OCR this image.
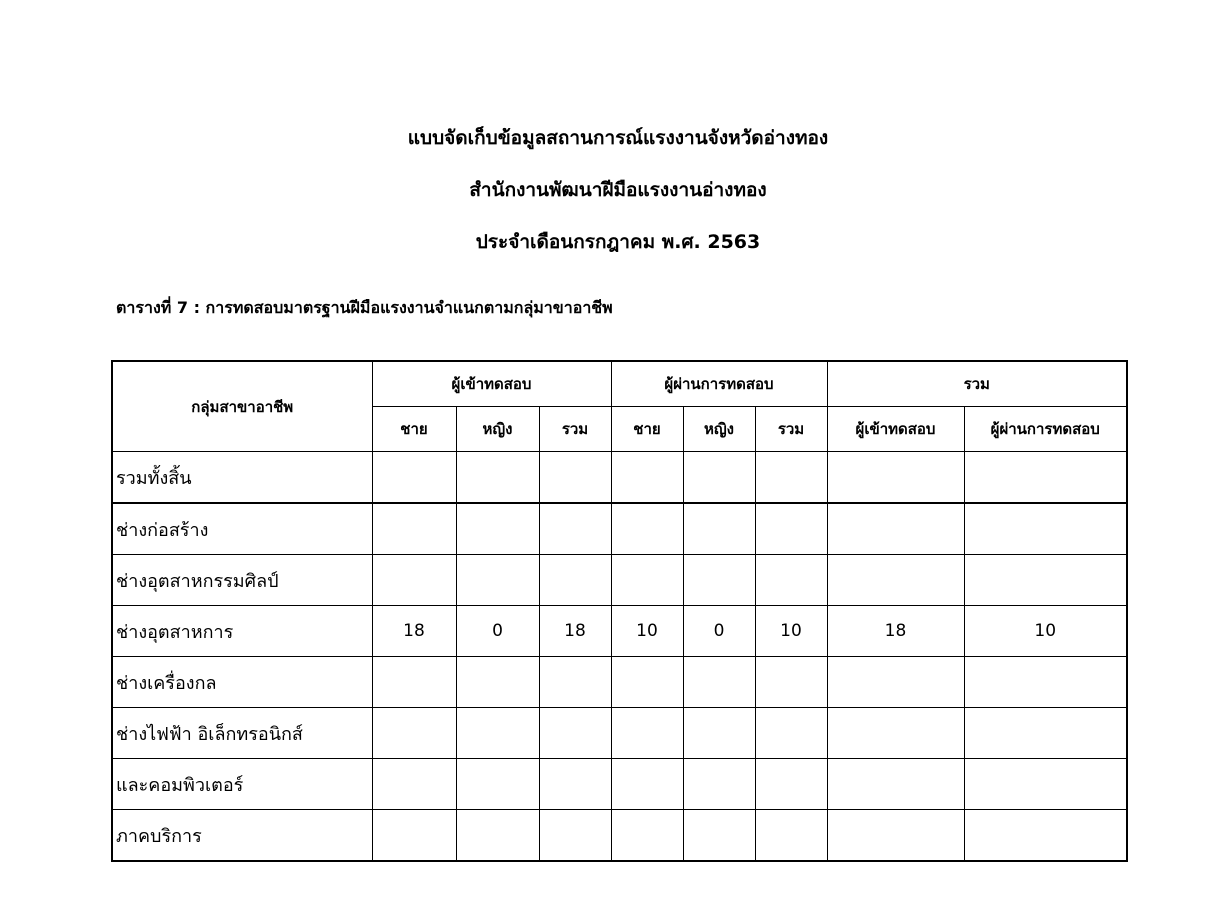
แบบจัดเก็บข้อมูลสถานการณ์แรงงานจังหวัดอ่างทอง
สำนักงานพัฒนาฝีมือแรงงานอ่างทอง
ประจำเดือนกรกฎาคม พ.ศ. 2563
ตารางที่ 7 : การทดสอบมาตรฐานฝีมือแรงงานจำแนกตามกลุ่มาขาอาชีพ
กลุ่มสาขาอาชีพ	ผู้เข้าทดสอบ			ผู้ผ่านการทดสอบ			รวม	
	ชาย	หญิง	รวม	ชาย	หญิง	รวม	ผู้เข้าทดสอบ	ผู้ผ่านการทดสอบ
รวมทั้งสิ้น								
ช่างก่อสร้าง								
ช่างอุตสาหกรรมศิลป์								
ช่างอุตสาหการ	18	0	18	10	0	10	18	10
ช่างเครื่องกล								
ช่างไฟฟ้า อิเล็กทรอนิกส์								
และคอมพิวเตอร์								
ภาคบริการ								
